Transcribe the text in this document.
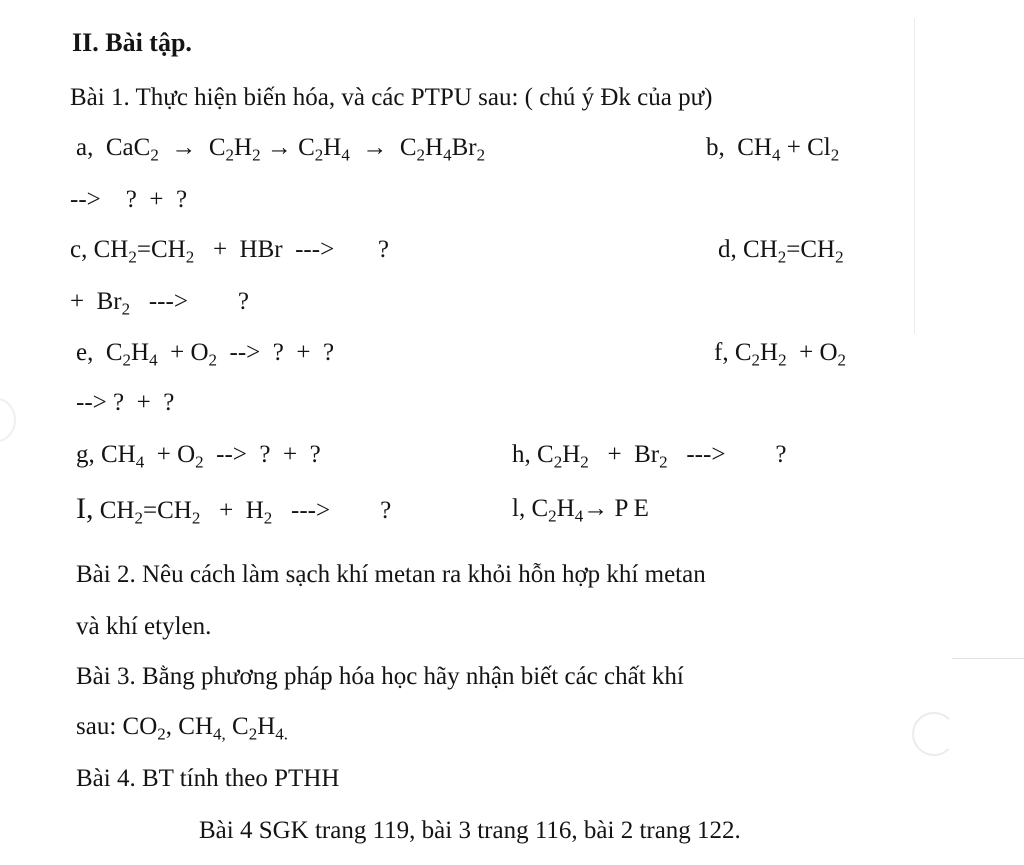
II. Bài tập.
Bài 1. Thực hiện biến hóa, và các PTPU sau: ( chú ý Đk của pư)
a, $CaC_2 \to C_2H_2 \to C_2H_4 \to C_2H_4Br_2$	b, $CH_4 + Cl_2$
-->    ?  +  ?
c, $CH_2=CH_2$ +  HBr  --->       ?	d, $CH_2=CH_2$
+ $Br_2$ --->        ?
e, $C_2H_4 + O_2$ -->  ?  +  ?	f, $C_2H_2 + O_2$
--> ?  +  ?
g, $CH_4 + O_2$ -->  ?  +  ?	h, $C_2H_2 + Br_2$ --->        ?
I, $CH_2=CH_2 + H_2$ --->        ?	l, $C_2H_4\to P$ E
Bài 2. Nêu cách làm sạch khí metan ra khỏi hỗn hợp khí metan
và khí etylen.
Bài 3. Bằng phương pháp hóa học hãy nhận biết các chất khí
sau: $CO_2$, $CH_{4,}$ $C_2H_{4.}$
Bài 4. BT tính theo PTHH
Bài 4 SGK trang 119, bài 3 trang 116, bài 2 trang 122.
